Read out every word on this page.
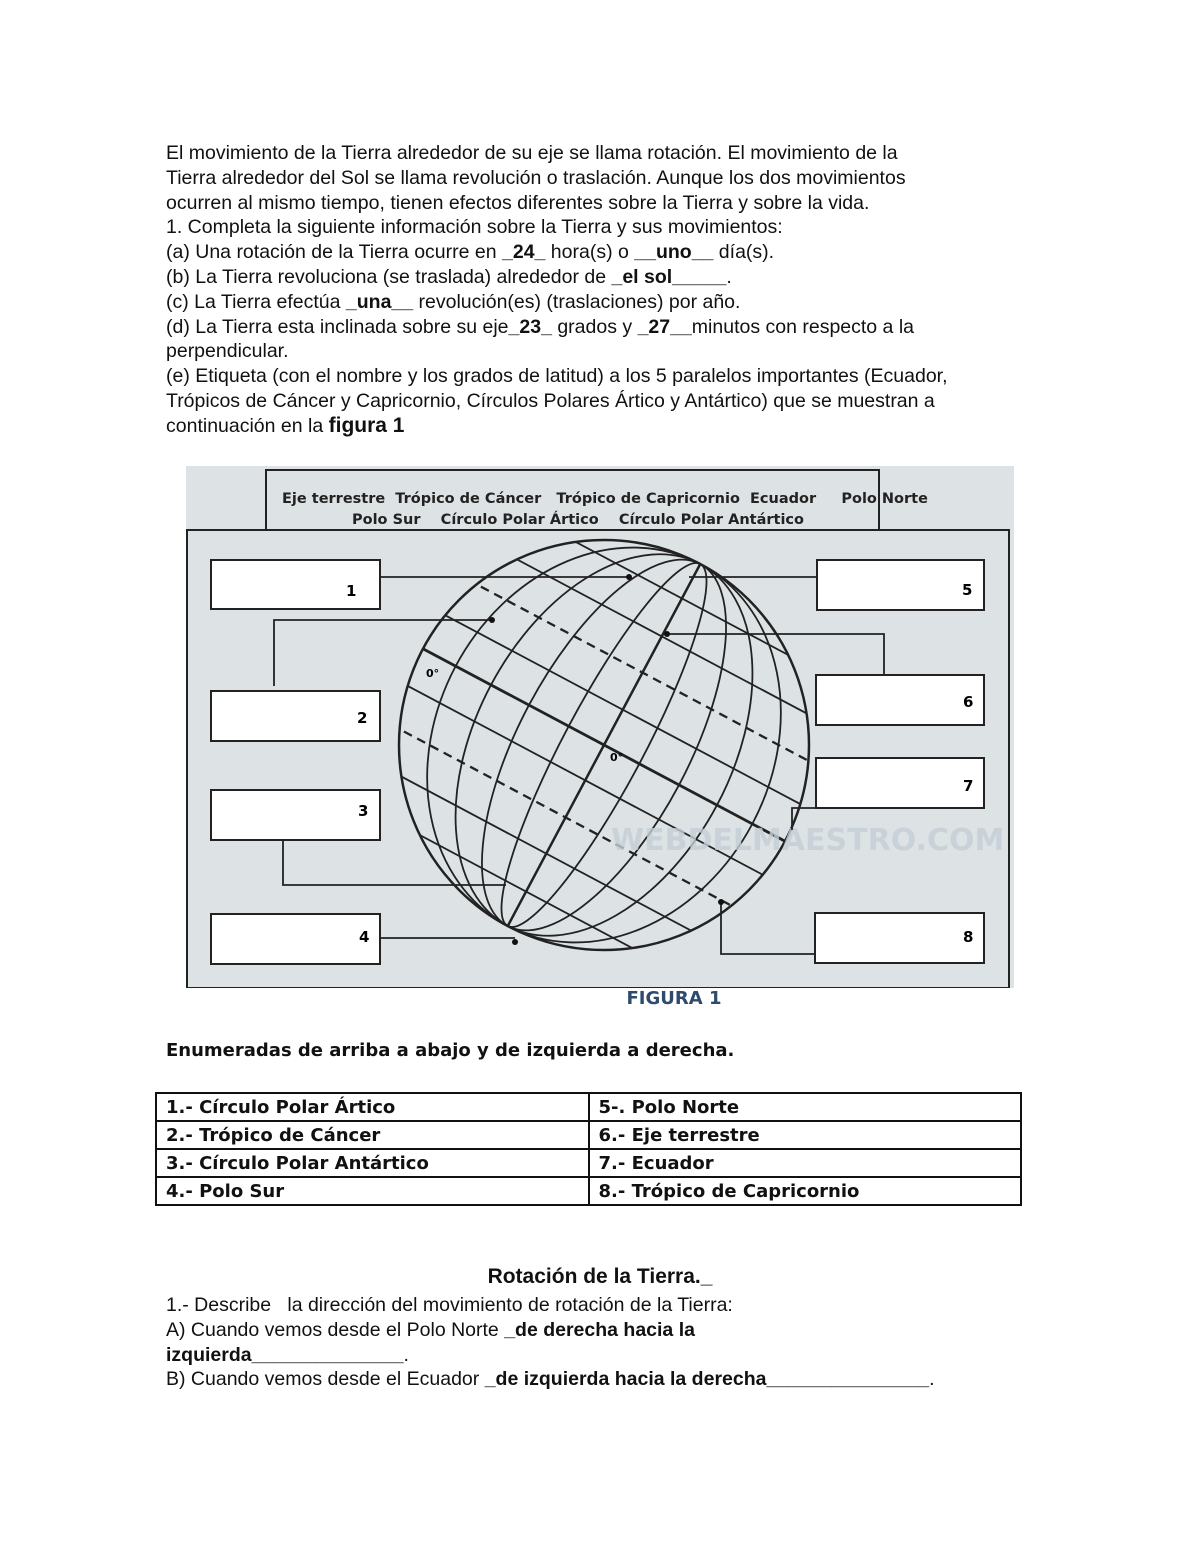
El movimiento de la Tierra alrededor de su eje se llama rotación. El movimiento de la

Tierra alrededor del Sol se llama revolución o traslación. Aunque los dos movimientos

ocurren al mismo tiempo, tienen efectos diferentes sobre la Tierra y sobre la vida.

1. Completa la siguiente información sobre la Tierra y sus movimientos:

(a) Una rotación de la Tierra ocurre en _24_ hora(s) o __uno__ día(s).

(b) La Tierra revoluciona (se traslada) alrededor de _el sol_____.

(c) La Tierra efectúa _una__ revolución(es) (traslaciones) por año.

(d) La Tierra esta inclinada sobre su eje_23_ grados y _27__minutos con respecto a la

perpendicular.

(e) Etiqueta (con el nombre y los grados de latitud) a los 5 paralelos importantes (Ecuador,

Trópicos de Cáncer y Capricornio, Círculos Polares Ártico y Antártico) que se muestran a

continuación en la figura 1

Eje terrestre  Trópico de Cáncer   Trópico de Capricornio  Ecuador     Polo Norte
Polo Sur    Círculo Polar Ártico    Círculo Polar Antártico
1
2
3
4
5
6
7
8
0°
0°
WEBDELMAESTRO.COM
FIGURA 1
Enumeradas de arriba a abajo y de izquierda a derecha.
1.- Círculo Polar Ártico	5-. Polo Norte
2.- Trópico de Cáncer	6.- Eje terrestre
3.- Círculo Polar Antártico	7.- Ecuador
4.- Polo Sur	8.- Trópico de Capricornio
Rotación de la Tierra._

1.- Describe   la dirección del movimiento de rotación de la Tierra:

A) Cuando vemos desde el Polo Norte _de derecha hacia la

izquierda______________.

B) Cuando vemos desde el Ecuador _de izquierda hacia la derecha_______________.
